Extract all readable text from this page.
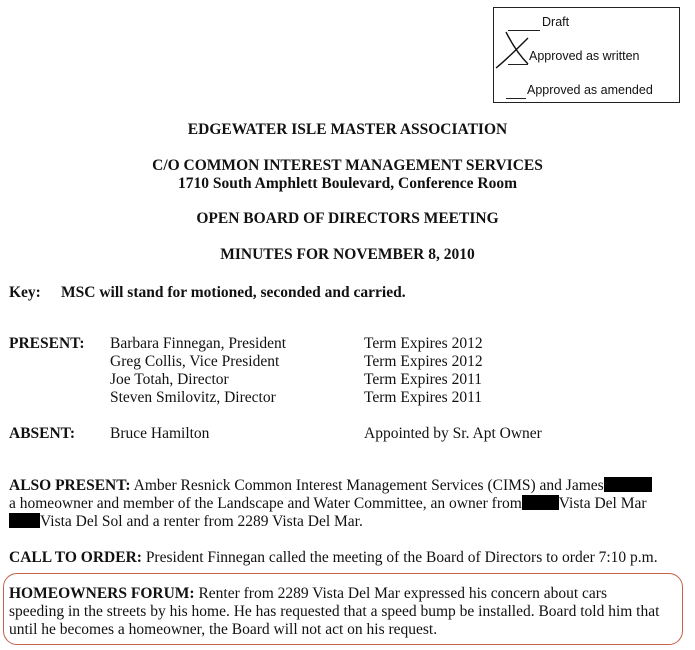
Draft
Approved as written
Approved as amended
EDGEWATER ISLE MASTER ASSOCIATION
C/O COMMON INTEREST MANAGEMENT SERVICES
1710 South Amphlett Boulevard, Conference Room
OPEN BOARD OF DIRECTORS MEETING
MINUTES FOR NOVEMBER 8, 2010
Key: MSC will stand for motioned, seconded and carried.
PRESENT: Barbara Finnegan, President	Term Expires 2012
Greg Collis, Vice President	Term Expires 2012
Joe Totah, Director	Term Expires 2011
Steven Smilovitz, Director	Term Expires 2011
ABSENT: Bruce Hamilton	Appointed by Sr. Apt Owner
ALSO PRESENT: Amber Resnick Common Interest Management Services (CIMS) and James
a homeowner and member of the Landscape and Water Committee, an owner from Vista Del Mar
Vista Del Sol and a renter from 2289 Vista Del Mar.
CALL TO ORDER: President Finnegan called the meeting of the Board of Directors to order 7:10 p.m.
HOMEOWNERS FORUM: Renter from 2289 Vista Del Mar expressed his concern about cars
speeding in the streets by his home. He has requested that a speed bump be installed. Board told him that
until he becomes a homeowner, the Board will not act on his request.
